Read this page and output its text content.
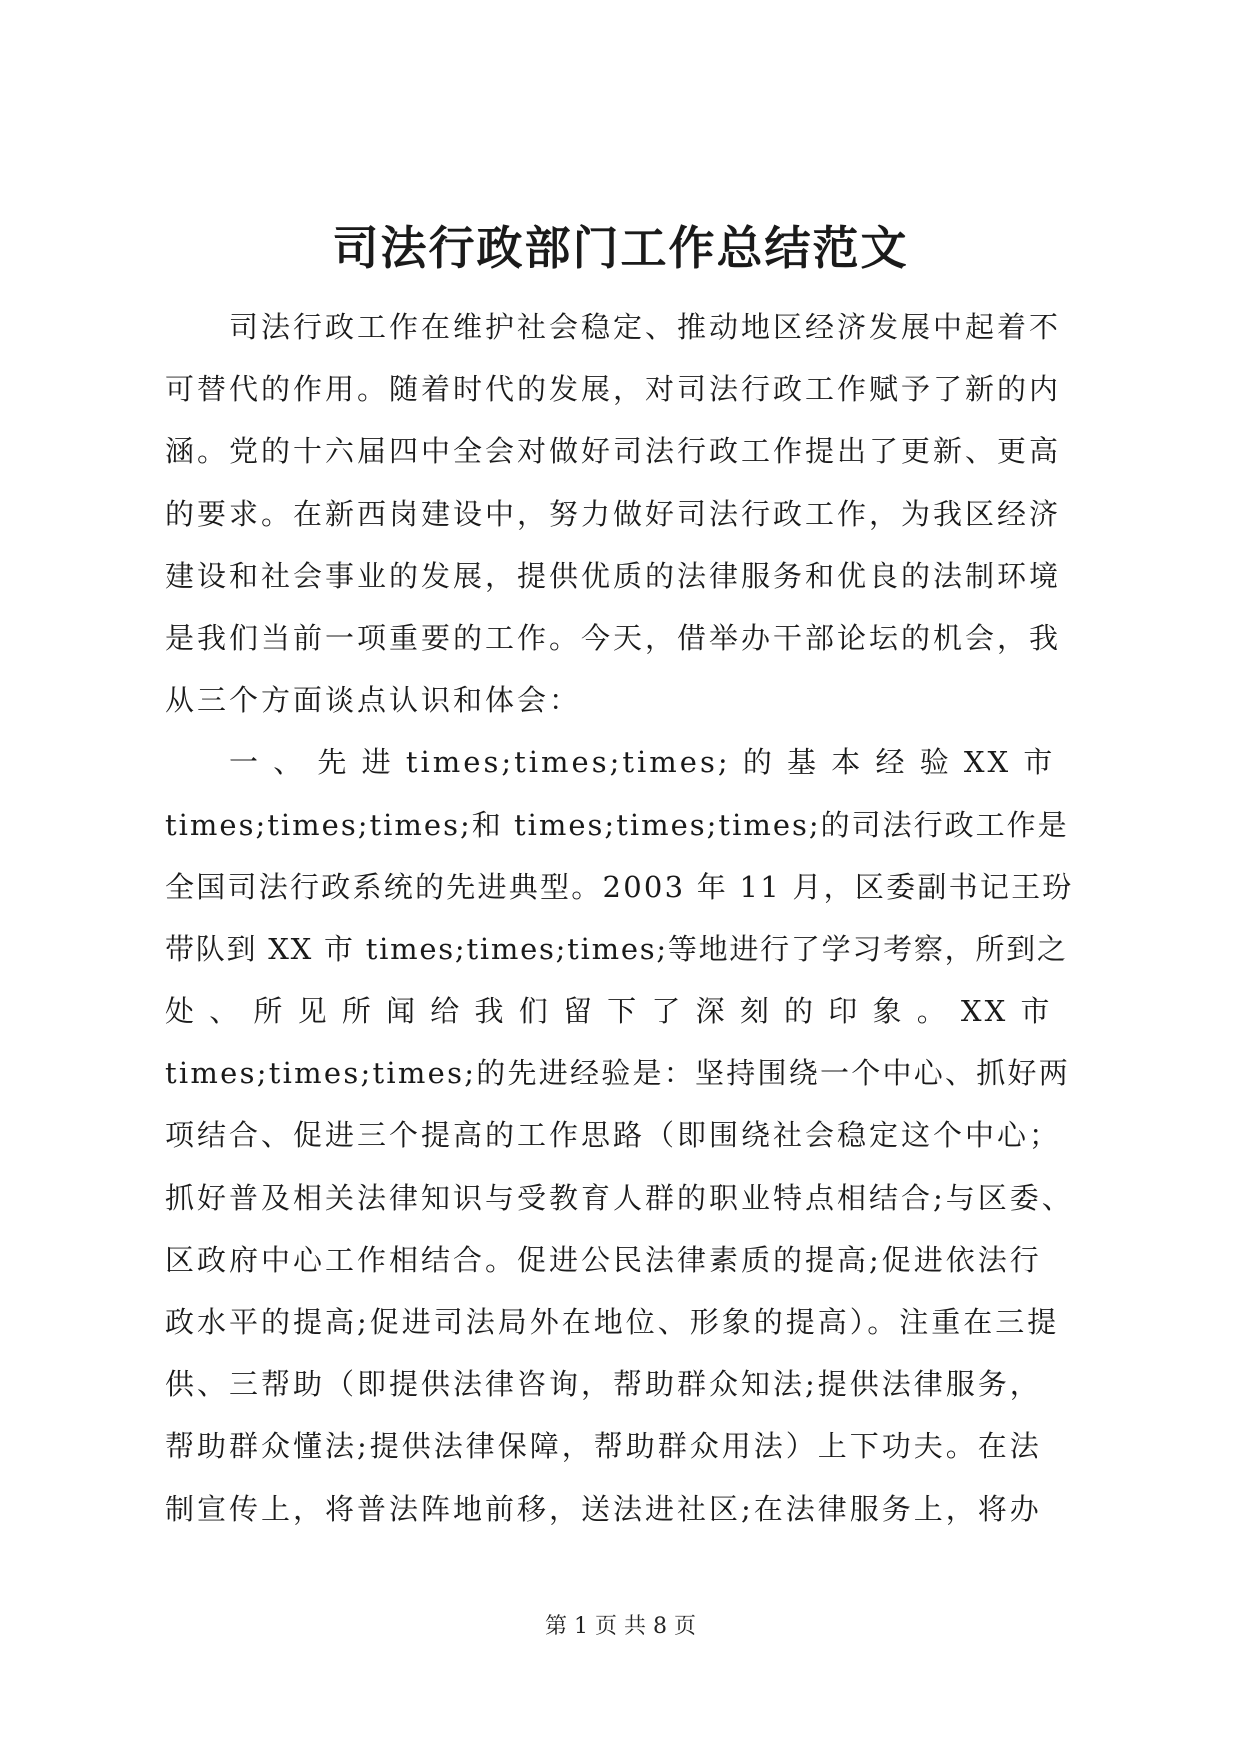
司法行政部门工作总结范文
　　司法行政工作在维护社会稳定、推动地区经济发展中起着不
可替代的作用。随着时代的发展，对司法行政工作赋予了新的内
涵。党的十六届四中全会对做好司法行政工作提出了更新、更高
的要求。在新西岗建设中，努力做好司法行政工作，为我区经济
建设和社会事业的发展，提供优质的法律服务和优良的法制环境
是我们当前一项重要的工作。今天，借举办干部论坛的机会，我
从三个方面谈点认识和体会：
　　一 、 先 进 times;times;times; 的 基 本 经 验 XX 市
times;times;times;和 times;times;times;的司法行政工作是
全国司法行政系统的先进典型。2003 年 11 月，区委副书记王玢
带队到 XX 市 times;times;times;等地进行了学习考察，所到之
处 、 所 见 所 闻 给 我 们 留 下 了 深 刻 的 印 象 。 XX 市
times;times;times;的先进经验是：坚持围绕一个中心、抓好两
项结合、促进三个提高的工作思路（即围绕社会稳定这个中心；
抓好普及相关法律知识与受教育人群的职业特点相结合;与区委、
区政府中心工作相结合。促进公民法律素质的提高;促进依法行
政水平的提高;促进司法局外在地位、形象的提高）。注重在三提
供、三帮助（即提供法律咨询，帮助群众知法;提供法律服务，
帮助群众懂法;提供法律保障，帮助群众用法）上下功夫。在法
制宣传上，将普法阵地前移，送法进社区;在法律服务上，将办

第 1 页 共 8 页
